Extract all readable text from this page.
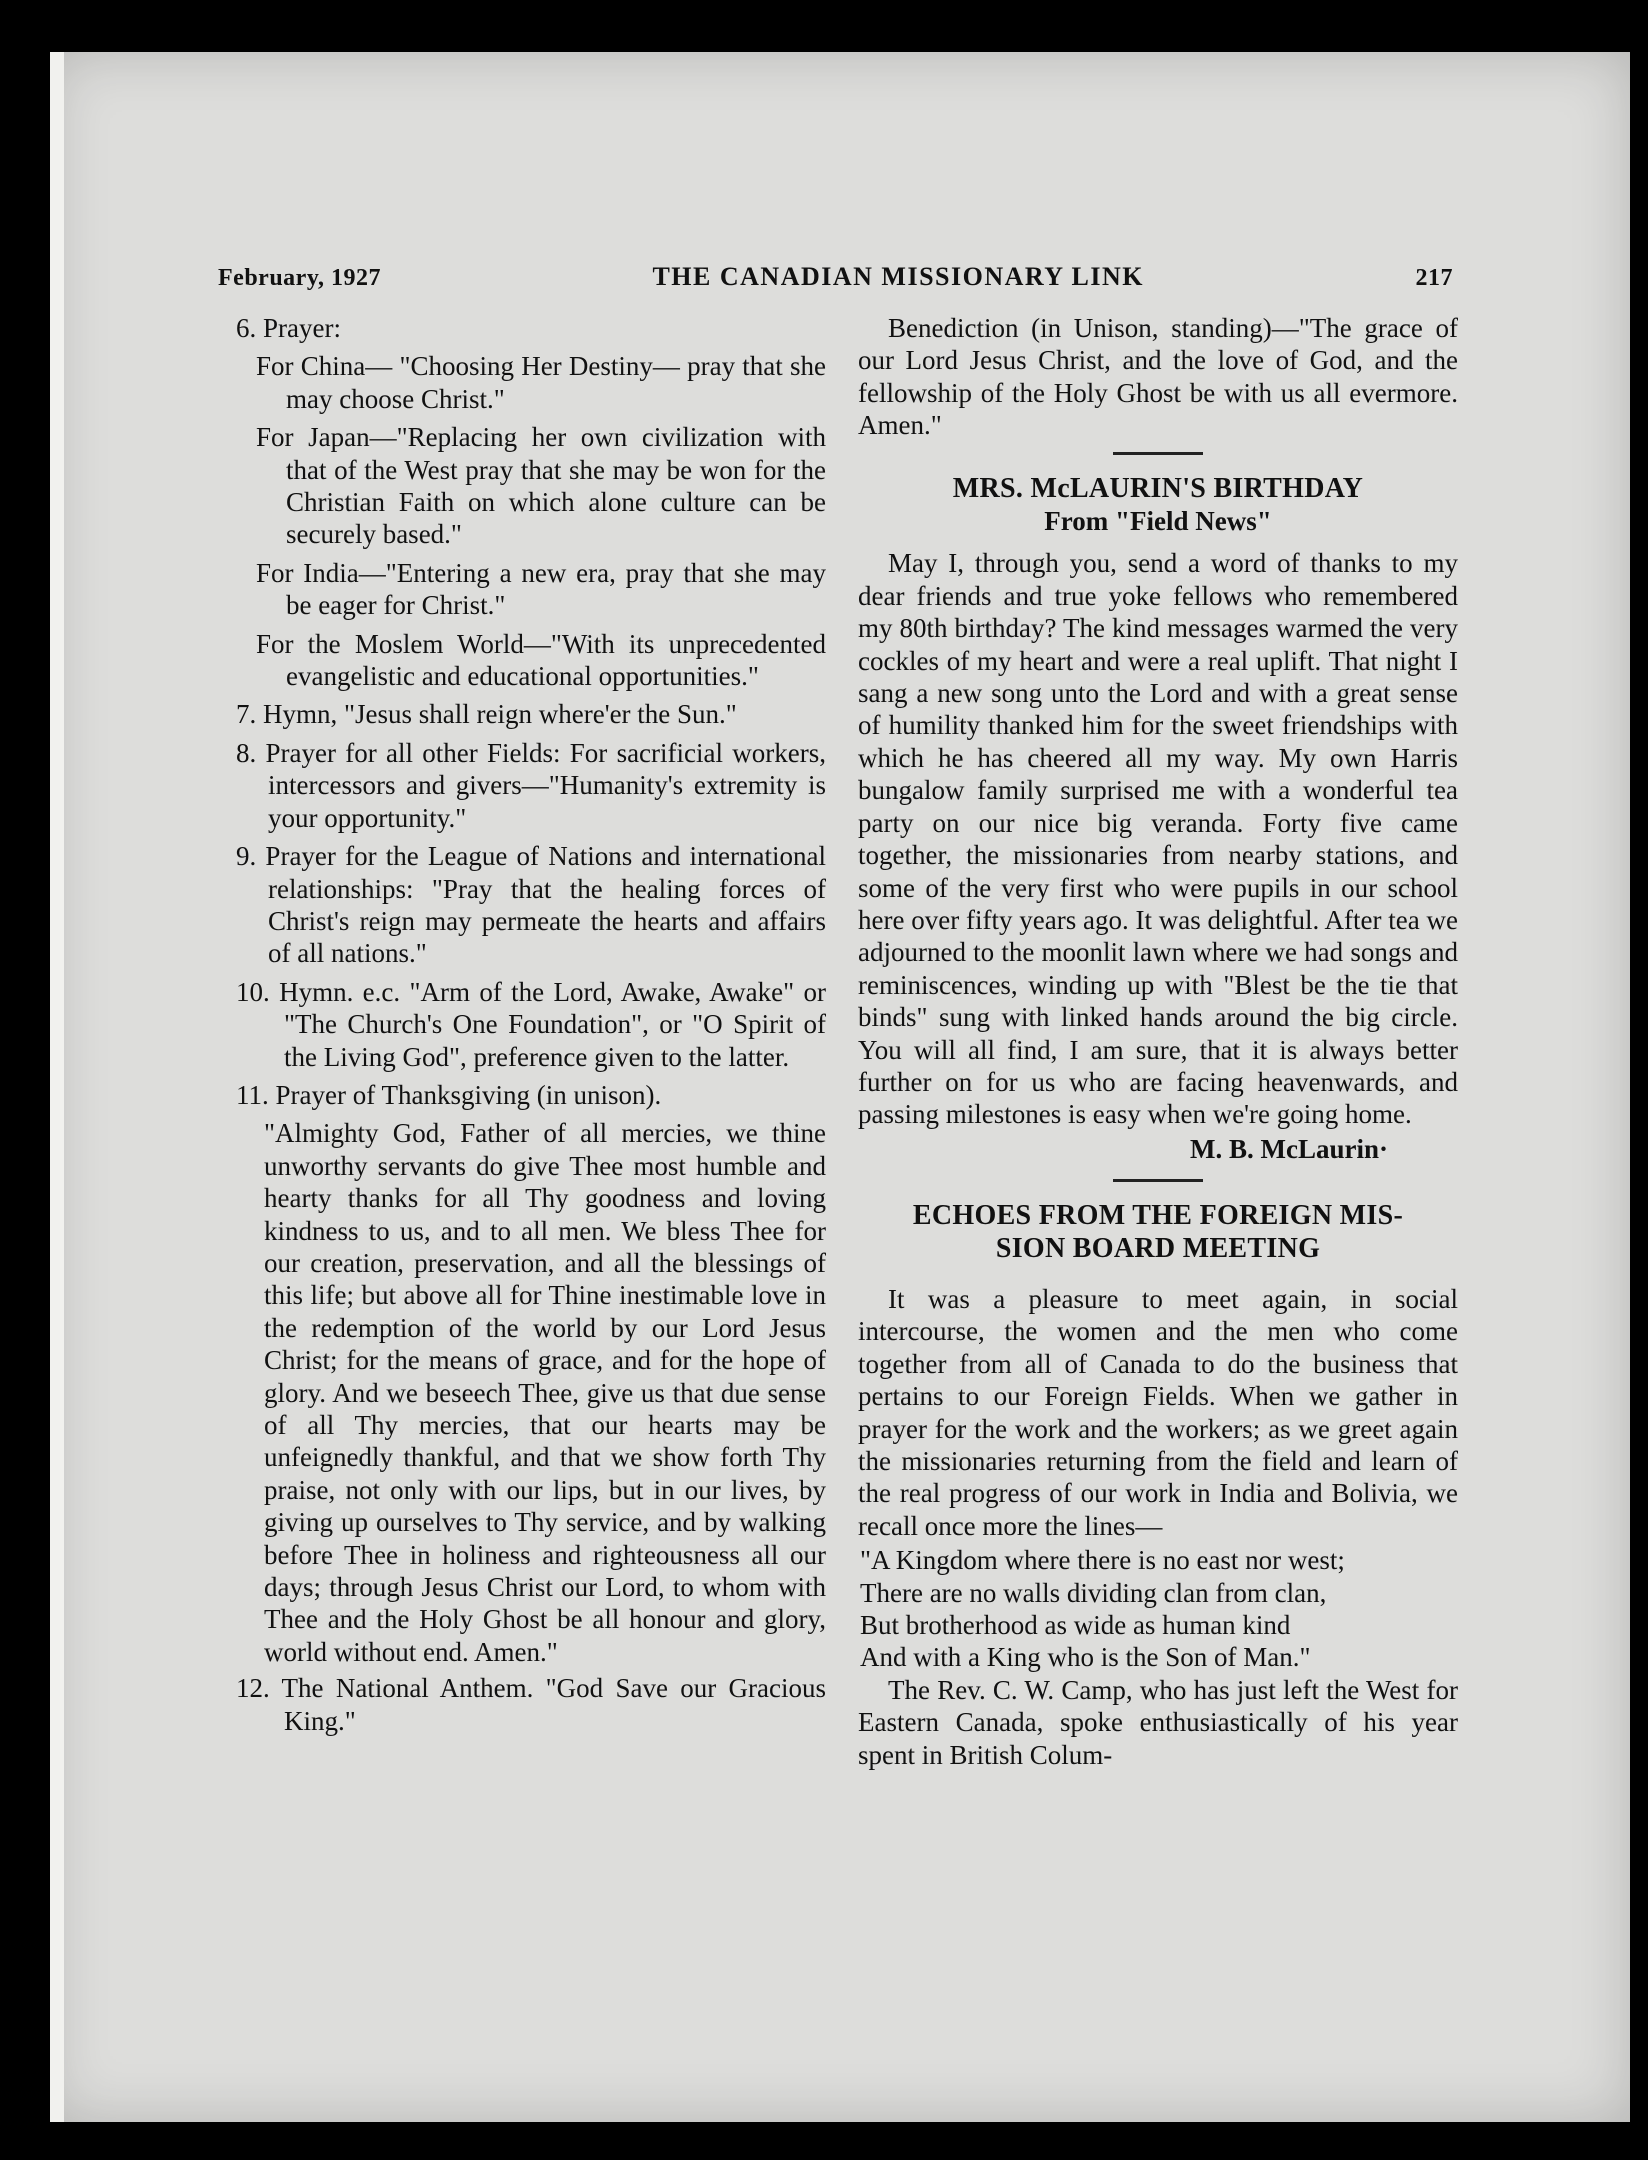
February, 1927	THE CANADIAN MISSIONARY LINK	217

6. Prayer:

For China— "Choosing Her Destiny— pray that she may choose Christ."

For Japan—"Replacing her own civilization with that of the West pray that she may be won for the Christian Faith on which alone culture can be securely based."

For India—"Entering a new era, pray that she may be eager for Christ."

For the Moslem World—"With its unprecedented evangelistic and educational opportunities."

7. Hymn, "Jesus shall reign where'er the Sun."

8. Prayer for all other Fields: For sacrificial workers, intercessors and givers—"Humanity's extremity is your opportunity."

9. Prayer for the League of Nations and international relationships: "Pray that the healing forces of Christ's reign may permeate the hearts and affairs of all nations."

10. Hymn. e.c. "Arm of the Lord, Awake, Awake" or "The Church's One Foundation", or "O Spirit of the Living God", preference given to the latter.

11. Prayer of Thanksgiving (in unison).

"Almighty God, Father of all mercies, we thine unworthy servants do give Thee most humble and hearty thanks for all Thy goodness and loving kindness to us, and to all men. We bless Thee for our creation, preservation, and all the blessings of this life; but above all for Thine inestimable love in the redemption of the world by our Lord Jesus Christ; for the means of grace, and for the hope of glory. And we beseech Thee, give us that due sense of all Thy mercies, that our hearts may be unfeignedly thankful, and that we show forth Thy praise, not only with our lips, but in our lives, by giving up ourselves to Thy service, and by walking before Thee in holiness and righteousness all our days; through Jesus Christ our Lord, to whom with Thee and the Holy Ghost be all honour and glory, world without end. Amen."

12. The National Anthem. "God Save our Gracious King."

Benediction (in Unison, standing)—"The grace of our Lord Jesus Christ, and the love of God, and the fellowship of the Holy Ghost be with us all evermore. Amen."

MRS. McLAURIN'S BIRTHDAY

From "Field News"

May I, through you, send a word of thanks to my dear friends and true yoke fellows who remembered my 80th birthday? The kind messages warmed the very cockles of my heart and were a real uplift. That night I sang a new song unto the Lord and with a great sense of humility thanked him for the sweet friendships with which he has cheered all my way. My own Harris bungalow family surprised me with a wonderful tea party on our nice big veranda. Forty five came together, the missionaries from nearby stations, and some of the very first who were pupils in our school here over fifty years ago. It was delightful. After tea we adjourned to the moonlit lawn where we had songs and reminiscences, winding up with "Blest be the tie that binds" sung with linked hands around the big circle. You will all find, I am sure, that it is always better further on for us who are facing heavenwards, and passing milestones is easy when we're going home.

M. B. McLaurin·

ECHOES FROM THE FOREIGN MIS-

SION BOARD MEETING

It was a pleasure to meet again, in social intercourse, the women and the men who come together from all of Canada to do the business that pertains to our Foreign Fields. When we gather in prayer for the work and the workers; as we greet again the missionaries returning from the field and learn of the real progress of our work in India and Bolivia, we recall once more the lines—

"A Kingdom where there is no east nor west;

There are no walls dividing clan from clan,

But brotherhood as wide as human kind

And with a King who is the Son of Man."

The Rev. C. W. Camp, who has just left the West for Eastern Canada, spoke enthusiastically of his year spent in British Colum-
